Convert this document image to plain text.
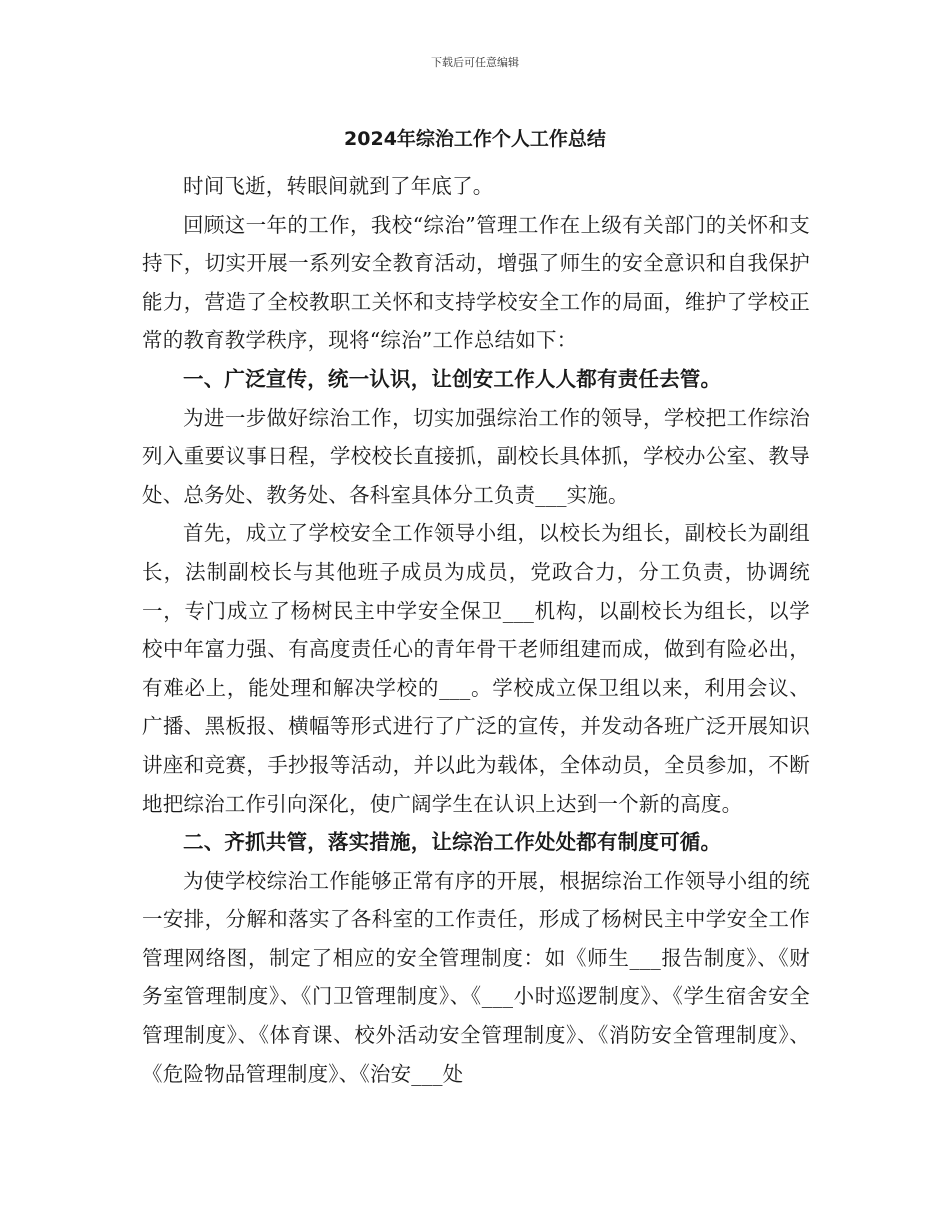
下载后可任意编辑
2024年综治工作个人工作总结

时间飞逝，转眼间就到了年底了。

回顾这一年的工作，我校“综治”管理工作在上级有关部门的关怀和支持下，切实开展一系列安全教育活动，增强了师生的安全意识和自我保护能力，营造了全校教职工关怀和支持学校安全工作的局面，维护了学校正常的教育教学秩序，现将“综治”工作总结如下：

一、广泛宣传，统一认识，让创安工作人人都有责任去管。

为进一步做好综治工作，切实加强综治工作的领导，学校把工作综治列入重要议事日程，学校校长直接抓，副校长具体抓，学校办公室、教导处、总务处、教务处、各科室具体分工负责___实施。

首先，成立了学校安全工作领导小组，以校长为组长，副校长为副组长，法制副校长与其他班子成员为成员，党政合力，分工负责，协调统一，专门成立了杨树民主中学安全保卫___机构，以副校长为组长，以学校中年富力强、有高度责任心的青年骨干老师组建而成，做到有险必出，有难必上，能处理和解决学校的___。学校成立保卫组以来，利用会议、广播、黑板报、横幅等形式进行了广泛的宣传，并发动各班广泛开展知识讲座和竞赛，手抄报等活动，并以此为载体，全体动员，全员参加，不断地把综治工作引向深化，使广阔学生在认识上达到一个新的高度。

二、齐抓共管，落实措施，让综治工作处处都有制度可循。

为使学校综治工作能够正常有序的开展，根据综治工作领导小组的统一安排，分解和落实了各科室的工作责任，形成了杨树民主中学安全工作管理网络图，制定了相应的安全管理制度：如《师生___报告制度》、《财务室管理制度》、《门卫管理制度》、《___小时巡逻制度》、《学生宿舍安全管理制度》、《体育课、校外活动安全管理制度》、《消防安全管理制度》、《危险物品管理制度》、《治安___处
